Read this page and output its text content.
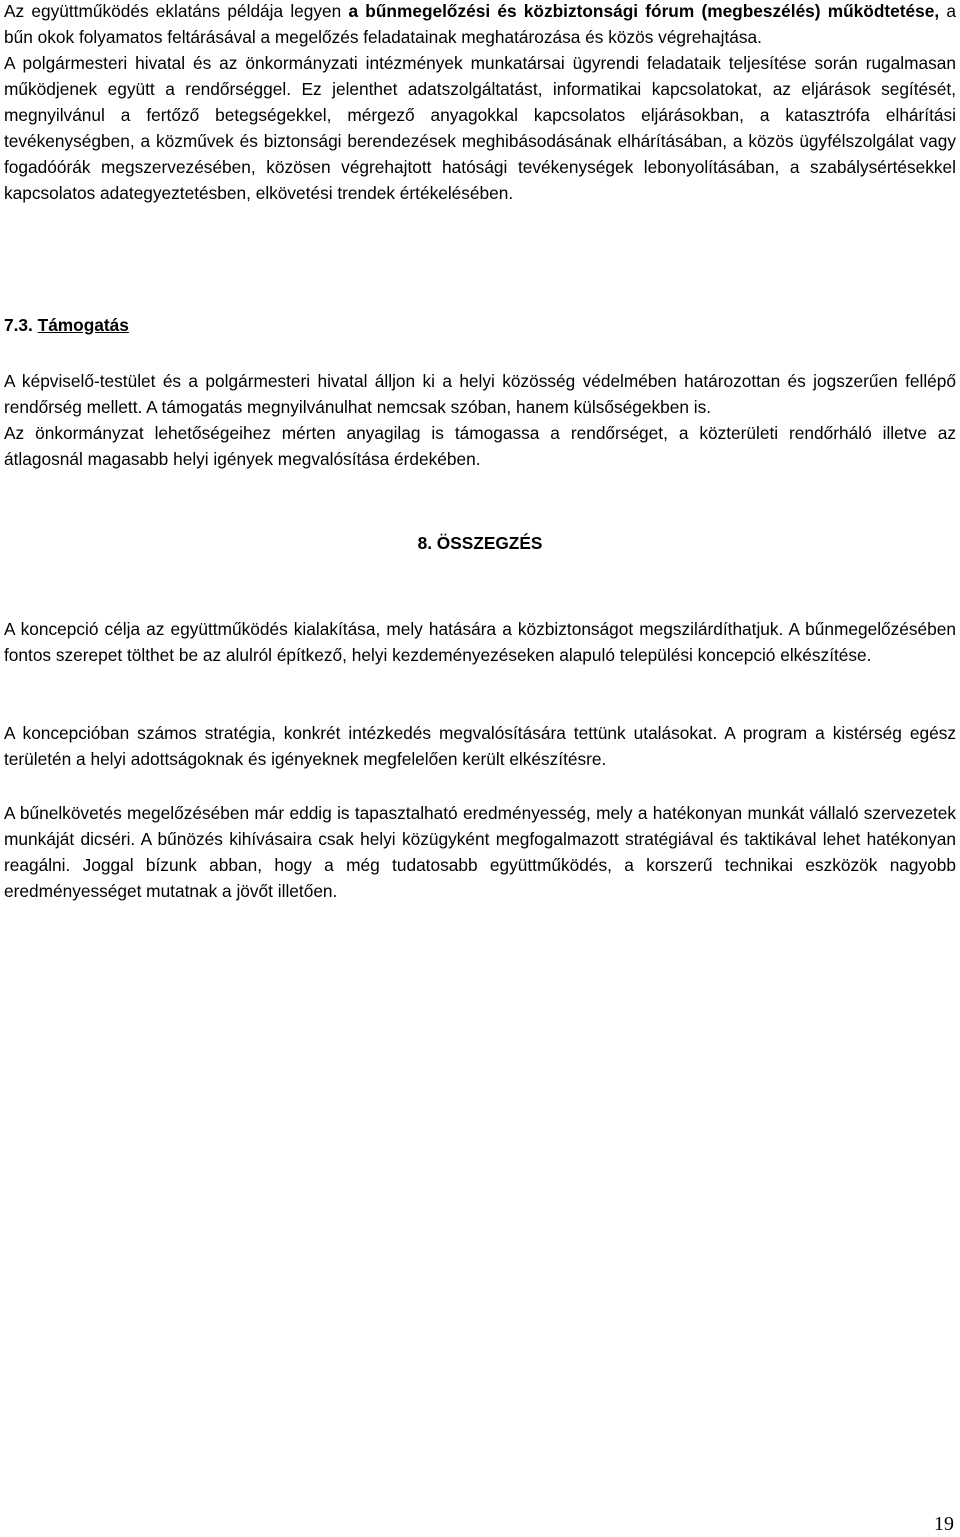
Az együttműködés eklatáns példája legyen a bűnmegelőzési és közbiztonsági fórum (megbeszélés) működtetése, a bűn okok folyamatos feltárásával a megelőzés feladatainak meghatározása és közös végrehajtása.
A polgármesteri hivatal és az önkormányzati intézmények munkatársai ügyrendi feladataik teljesítése során rugalmasan működjenek együtt a rendőrséggel. Ez jelenthet adatszolgáltatást, informatikai kapcsolatokat, az eljárások segítését, megnyilvánul a fertőző betegségekkel, mérgező anyagokkal kapcsolatos eljárásokban, a katasztrófa elhárítási tevékenységben, a közművek és biztonsági berendezések meghibásodásának elhárításában, a közös ügyfélszolgálat vagy fogadóórák megszervezésében, közösen végrehajtott hatósági tevékenységek lebonyolításában, a szabálysértésekkel kapcsolatos adategyeztetésben, elkövetési trendek értékelésében.
7.3. Támogatás
A képviselő-testület és a polgármesteri hivatal álljon ki a helyi közösség védelmében határozottan és jogszerűen fellépő rendőrség mellett. A támogatás megnyilvánulhat nemcsak szóban, hanem külsőségekben is.
Az önkormányzat lehetőségeihez mérten anyagilag is támogassa a rendőrséget, a közterületi rendőrháló illetve az átlagosnál magasabb helyi igények megvalósítása érdekében.
8. ÖSSZEGZÉS

A koncepció célja az együttműködés kialakítása, mely hatására a közbiztonságot megszilárdíthatjuk. A bűnmegelőzésében fontos szerepet tölthet be az alulról építkező, helyi kezdeményezéseken alapuló települési koncepció elkészítése.

A koncepcióban számos stratégia, konkrét intézkedés megvalósítására tettünk utalásokat. A program a kistérség egész területén a helyi adottságoknak és igényeknek megfelelően került elkészítésre.

A bűnelkövetés megelőzésében már eddig is tapasztalható eredményesség, mely a hatékonyan munkát vállaló szervezetek munkáját dicséri. A bűnözés kihívásaira csak helyi közügyként megfogalmazott stratégiával és taktikával lehet hatékonyan reagálni. Joggal bízunk abban, hogy a még tudatosabb együttműködés, a korszerű technikai eszközök nagyobb eredményességet mutatnak a jövőt illetően.

19
